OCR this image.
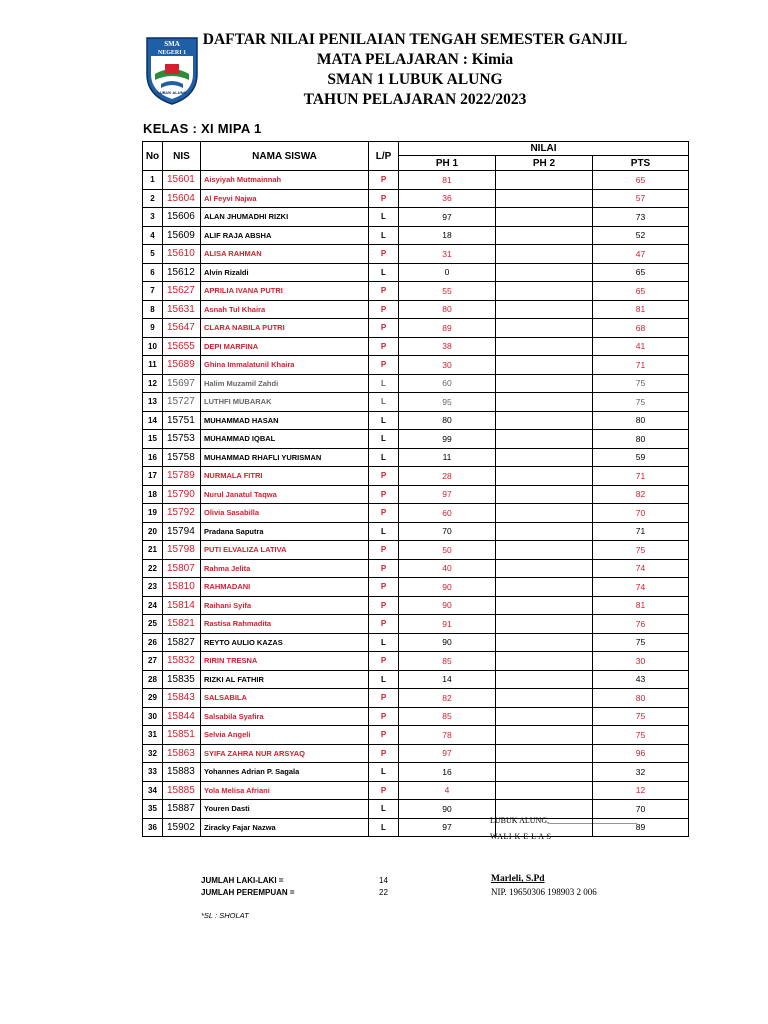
SMA
NEGERI 1
LUBUK ALUNG
DAFTAR NILAI PENILAIAN TENGAH SEMESTER GANJIL
MATA PELAJARAN : Kimia
SMAN 1 LUBUK ALUNG
TAHUN PELAJARAN 2022/2023
KELAS : XI MIPA 1
No	NIS	NAMA SISWA	L/P	NILAI		
				PH 1	PH 2	PTS
1	15601	Aisyiyah Mutmainnah	P	81		65
2	15604	Al Feyvi Najwa	P	36		57
3	15606	ALAN JHUMADHI RIZKI	L	97		73
4	15609	ALIF RAJA ABSHA	L	18		52
5	15610	ALISA RAHMAN	P	31		47
6	15612	Alvin Rizaldi	L	0		65
7	15627	APRILIA IVANA PUTRI	P	55		65
8	15631	Asnah Tul Khaira	P	80		81
9	15647	CLARA NABILA PUTRI	P	89		68
10	15655	DEPI MARFINA	P	38		41
11	15689	Ghina Immalatunil Khaira	P	30		71
12	15697	Halim Muzamil Zahdi	L	60		75
13	15727	LUTHFI MUBARAK	L	95		75
14	15751	MUHAMMAD HASAN	L	80		80
15	15753	MUHAMMAD IQBAL	L	99		80
16	15758	MUHAMMAD RHAFLI YURISMAN	L	11		59
17	15789	NURMALA FITRI	P	28		71
18	15790	Nurul Janatul Taqwa	P	97		82
19	15792	Olivia Sasabilla	P	60		70
20	15794	Pradana Saputra	L	70		71
21	15798	PUTI ELVALIZA LATIVA	P	50		75
22	15807	Rahma Jelita	P	40		74
23	15810	RAHMADANI	P	90		74
24	15814	Raihani Syifa	P	90		81
25	15821	Rastisa Rahmadita	P	91		76
26	15827	REYTO AULIO KAZAS	L	90		75
27	15832	RIRIN TRESNA	P	85		30
28	15835	RIZKI AL FATHIR	L	14		43
29	15843	SALSABILA	P	82		80
30	15844	Salsabila Syafira	P	85		75
31	15851	Selvia Angeli	P	78		75
32	15863	SYIFA ZAHRA NUR ARSYAQ	P	97		96
33	15883	Yohannes Adrian P. Sagala	L	16		32
34	15885	Yola Melisa Afriani	P	4		12
35	15887	Youren Dasti	L	90		70
36	15902	Ziracky Fajar Nazwa	L	97		89
LUBUK ALUNG,______________________
WALI K E L A S
JUMLAH LAKI-LAKI =	14
JUMLAH PEREMPUAN =	22
Marleli, S.Pd
NIP. 19650306 198903 2 006
*SL : SHOLAT
